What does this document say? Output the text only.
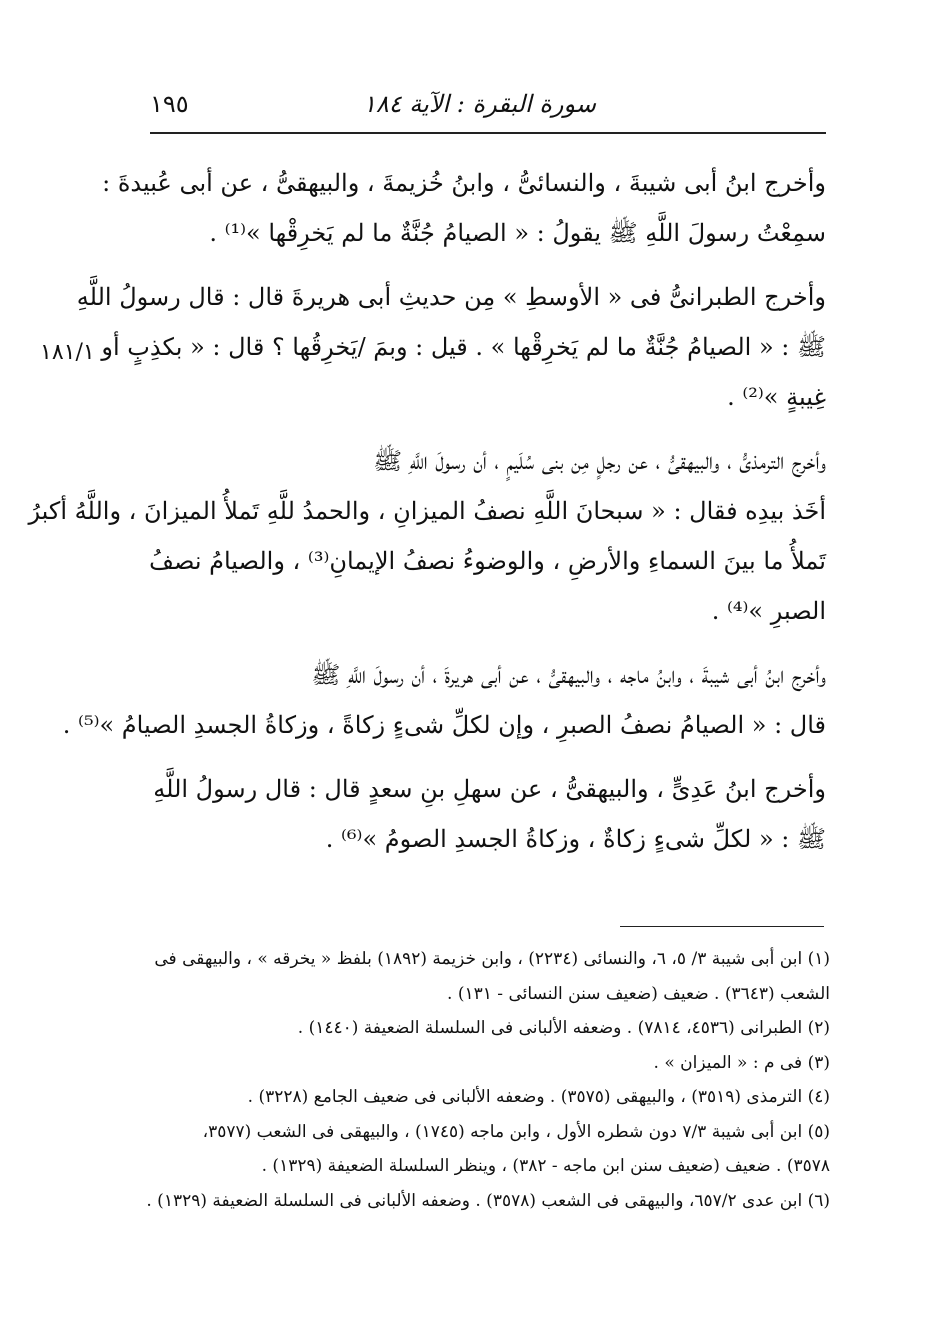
١٩٥	سورة البقرة : الآية ١٨٤
١٨١/١
وأخرج ابنُ أبى شيبةَ ، والنسائىُّ ، وابنُ خُزيمةَ ، والبيهقىُّ ، عن أبى عُبيدةَ :
سمِعْتُ رسولَ اللَّهِ ﷺ يقولُ : « الصيامُ جُنَّةٌ ما لم يَخرِقْها »⁽¹⁾ .
وأخرج الطبرانىُّ فى « الأوسطِ » مِن حديثِ أبى هريرةَ قال : قال رسولُ اللَّهِ
ﷺ : « الصيامُ جُنَّةٌ ما لم يَخرِقْها » . قيل : وبمَ /يَخرِقُها ؟ قال : « بكذِبٍ أو
غِيبةٍ »⁽²⁾ .
وأخرج الترمذىُّ ، والبيهقىُّ ، عن رجلٍ مِن بنى سُلَيمٍ ، أن رسولَ اللَّهِ ﷺ
أخَذ بيدِه فقال : « سبحانَ اللَّهِ نصفُ الميزانِ ، والحمدُ للَّهِ تَملأُ الميزانَ ، واللَّهُ أكبرُ
تَملأُ ما بينَ السماءِ والأرضِ ، والوضوءُ نصفُ الإيمانِ⁽³⁾ ، والصيامُ نصفُ
الصبرِ »⁽⁴⁾ .
وأخرج ابنُ أبى شيبةَ ، وابنُ ماجه ، والبيهقىُّ ، عن أبى هريرةَ ، أن رسولَ اللَّهِ ﷺ
قال : « الصيامُ نصفُ الصبرِ ، وإن لكلِّ شىءٍ زكاةً ، وزكاةُ الجسدِ الصيامُ »⁽⁵⁾ .
وأخرج ابنُ عَدِىٍّ ، والبيهقىُّ ، عن سهلِ بنِ سعدٍ قال : قال رسولُ اللَّهِ
ﷺ : « لكلِّ شىءٍ زكاةٌ ، وزكاةُ الجسدِ الصومُ »⁽⁶⁾ .
(١) ابن أبى شيبة ٣/ ٥، ٦، والنسائى (٢٢٣٤) ، وابن خزيمة (١٨٩٢) بلفظ « يخرقه » ، والبيهقى فى
الشعب (٣٦٤٣) . ضعيف (ضعيف سنن النسائى - ١٣١) .
(٢) الطبرانى (٤٥٣٦، ٧٨١٤) . وضعفه الألبانى فى السلسلة الضعيفة (١٤٤٠) .
(٣) فى م : « الميزان » .
(٤) الترمذى (٣٥١٩) ، والبيهقى (٣٥٧٥) . وضعفه الألبانى فى ضعيف الجامع (٣٢٢٨) .
(٥) ابن أبى شيبة ٧/٣ دون شطره الأول ، وابن ماجه (١٧٤٥) ، والبيهقى فى الشعب (٣٥٧٧،
٣٥٧٨) . ضعيف (ضعيف سنن ابن ماجه - ٣٨٢) ، وينظر السلسلة الضعيفة (١٣٢٩) .
(٦) ابن عدى ٦٥٧/٢، والبيهقى فى الشعب (٣٥٧٨) . وضعفه الألبانى فى السلسلة الضعيفة (١٣٢٩) .
